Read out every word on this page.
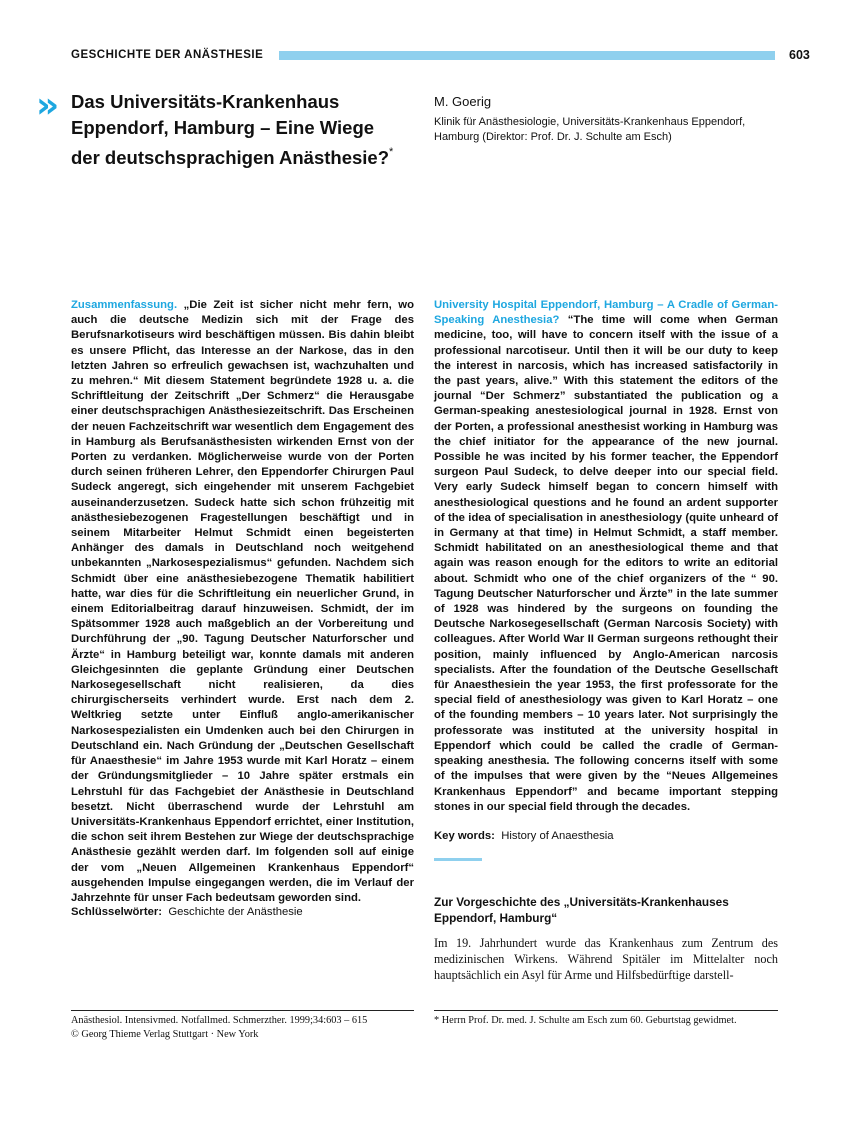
GESCHICHTE DER ANÄSTHESIE	603
» Das Universitäts-Krankenhaus
Eppendorf, Hamburg – Eine Wiege
der deutschsprachigen Anästhesie?*
M. Goerig
Klinik für Anästhesiologie, Universitäts-Krankenhaus Eppendorf,
Hamburg (Direktor: Prof. Dr. J. Schulte am Esch)
Zusammenfassung. „Die Zeit ist sicher nicht mehr fern, wo auch die deutsche Medizin sich mit der Frage des Berufsnarkotiseurs wird beschäftigen müssen. Bis dahin bleibt es unsere Pflicht, das Interesse an der Narkose, das in den letzten Jahren so erfreulich gewachsen ist, wachzuhalten und zu mehren.“ Mit diesem Statement begründete 1928 u. a. die Schriftleitung der Zeitschrift „Der Schmerz“ die Herausgabe einer deutschsprachigen Anästhesiezeitschrift. Das Erscheinen der neuen Fachzeitschrift war wesentlich dem Engagement des in Hamburg als Berufsanästhesisten wirkenden Ernst von der Porten zu verdanken. Möglicherweise wurde von der Porten durch seinen früheren Lehrer, den Eppendorfer Chirurgen Paul Sudeck angeregt, sich eingehender mit unserem Fachgebiet auseinanderzusetzen. Sudeck hatte sich schon frühzeitig mit anästhesiebezogenen Fragestellungen beschäftigt und in seinem Mitarbeiter Helmut Schmidt einen begeisterten Anhänger des damals in Deutschland noch weitgehend unbekannten „Narkosespezialismus“ gefunden. Nachdem sich Schmidt über eine anästhesiebezogene Thematik habilitiert hatte, war dies für die Schriftleitung ein neuerlicher Grund, in einem Editorialbeitrag darauf hinzuweisen. Schmidt, der im Spätsommer 1928 auch maßgeblich an der Vorbereitung und Durchführung der „90. Tagung Deutscher Naturforscher und Ärzte“ in Hamburg beteiligt war, konnte damals mit anderen Gleichgesinnten die geplante Gründung einer Deutschen Narkosegesellschaft nicht realisieren, da dies chirurgischerseits verhindert wurde. Erst nach dem 2. Weltkrieg setzte unter Einfluß anglo-amerikanischer Narkosespezialisten ein Umdenken auch bei den Chirurgen in Deutschland ein. Nach Gründung der „Deutschen Gesellschaft für Anaesthesie“ im Jahre 1953 wurde mit Karl Horatz – einem der Gründungsmitglieder – 10 Jahre später erstmals ein Lehrstuhl für das Fachgebiet der Anästhesie in Deutschland besetzt. Nicht überraschend wurde der Lehrstuhl am Universitäts-Krankenhaus Eppendorf errichtet, einer Institution, die schon seit ihrem Bestehen zur Wiege der deutschsprachige Anästhesie gezählt werden darf. Im folgenden soll auf einige der vom „Neuen Allgemeinen Krankenhaus Eppendorf“ ausgehenden Impulse eingegangen werden, die im Verlauf der Jahrzehnte für unser Fach bedeutsam geworden sind.
Schlüsselwörter: Geschichte der Anästhesie
University Hospital Eppendorf, Hamburg – A Cradle of German-Speaking Anesthesia? “The time will come when German medicine, too, will have to concern itself with the issue of a professional narcotiseur. Until then it will be our duty to keep the interest in narcosis, which has increased satisfactorily in the past years, alive.” With this statement the editors of the journal “Der Schmerz” substantiated the publication og a German-speaking anestesiological journal in 1928. Ernst von der Porten, a professional anesthesist working in Hamburg was the chief initiator for the appearance of the new journal. Possible he was incited by his former teacher, the Eppendorf surgeon Paul Sudeck, to delve deeper into our special field. Very early Sudeck himself began to concern himself with anesthesiological questions and he found an ardent supporter of the idea of specialisation in anesthesiology (quite unheard of in Germany at that time) in Helmut Schmidt, a staff member. Schmidt habilitated on an anesthesiological theme and that again was reason enough for the editors to write an editorial about. Schmidt who one of the chief organizers of the “ 90. Tagung Deutscher Naturforscher und Ärzte” in the late summer of 1928 was hindered by the surgeons on founding the Deutsche Narkosegesellschaft (German Narcosis Society) with colleagues. After World War II German surgeons rethought their position, mainly influenced by Anglo-American narcosis specialists. After the foundation of the Deutsche Gesellschaft für Anaesthesiein the year 1953, the first professorate for the special field of anesthesiology was given to Karl Horatz – one of the founding members – 10 years later. Not surprisingly the professorate was instituted at the university hospital in Eppendorf which could be called the cradle of German-speaking anesthesia. The following concerns itself with some of the impulses that were given by the “Neues Allgemeines Krankenhaus Eppendorf” and became important stepping stones in our special field through the decades.
Key words: History of Anaesthesia
Zur Vorgeschichte des „Universitäts-Krankenhauses Eppendorf, Hamburg“
Im 19. Jahrhundert wurde das Krankenhaus zum Zentrum des medizinischen Wirkens. Während Spitäler im Mittelalter noch hauptsächlich ein Asyl für Arme und Hilfsbedürftige darstell-
Anästhesiol. Intensivmed. Notfallmed. Schmerzther. 1999;34:603 – 615
© Georg Thieme Verlag Stuttgart · New York
* Herrn Prof. Dr. med. J. Schulte am Esch zum 60. Geburtstag gewidmet.
